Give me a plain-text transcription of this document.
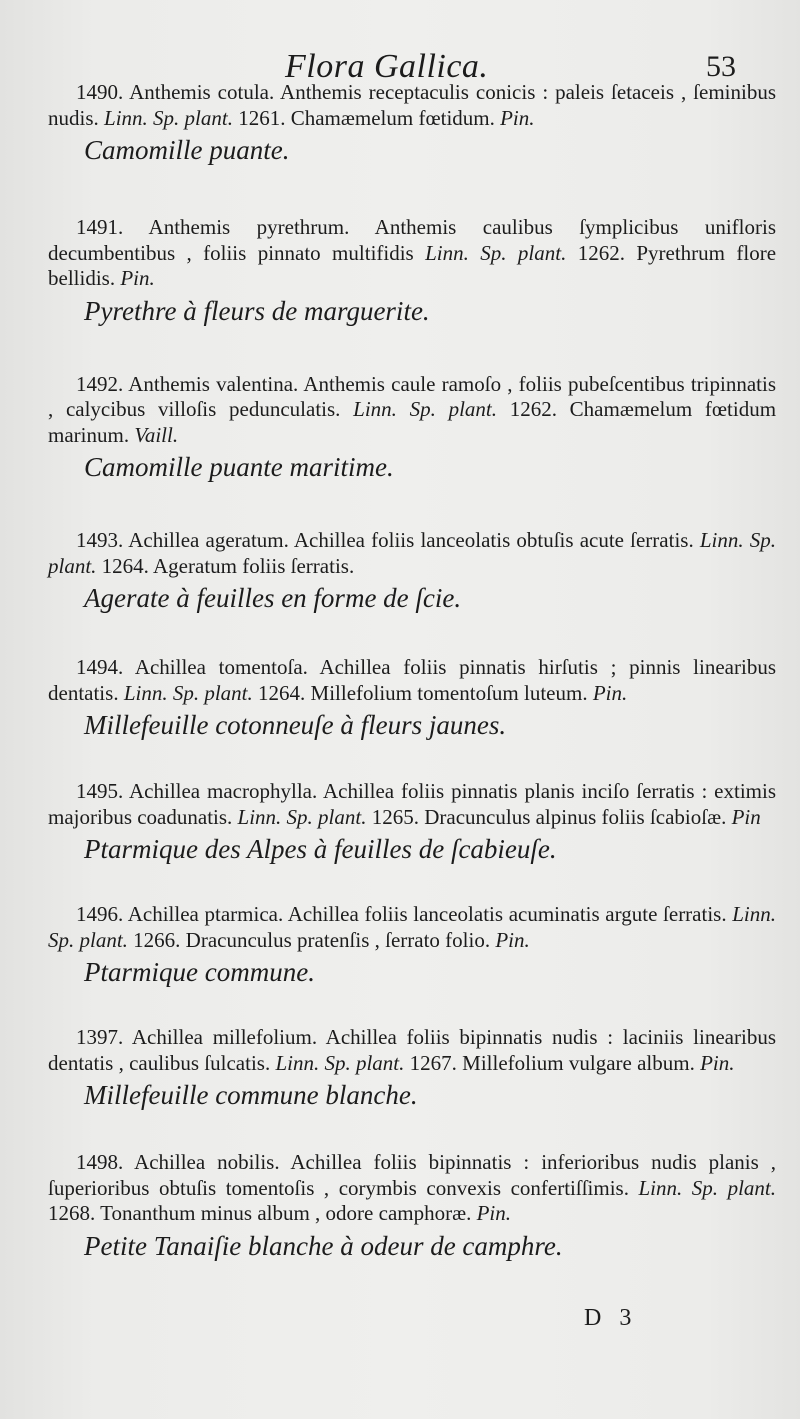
Flora Gallica.	53

1490. Anthemis cotula. Anthemis receptaculis conicis : paleis ſetaceis , ſeminibus nudis. Linn. Sp. plant. 1261. Chamæmelum fœtidum. Pin.

Camomille puante.

1491. Anthemis pyrethrum. Anthemis caulibus ſymplicibus unifloris decumbentibus , foliis pinnato multifidis Linn. Sp. plant. 1262. Pyrethrum flore bellidis. Pin.

Pyrethre à fleurs de marguerite.

1492. Anthemis valentina. Anthemis caule ramoſo , foliis pubeſcentibus tripinnatis , calycibus villoſis pedunculatis. Linn. Sp. plant. 1262. Chamæmelum fœtidum marinum. Vaill.

Camomille puante maritime.

1493. Achillea ageratum. Achillea foliis lanceolatis obtuſis acute ſerratis. Linn. Sp. plant. 1264. Ageratum foliis ſerratis.

Agerate à feuilles en forme de ſcie.

1494. Achillea tomentoſa. Achillea foliis pinnatis hirſutis ; pinnis linearibus dentatis. Linn. Sp. plant. 1264. Millefolium tomentoſum luteum. Pin.

Millefeuille cotonneuſe à fleurs jaunes.

1495. Achillea macrophylla. Achillea foliis pinnatis planis inciſo ſerratis : extimis majoribus coadunatis. Linn. Sp. plant. 1265. Dracunculus alpinus foliis ſcabioſæ. Pin

Ptarmique des Alpes à feuilles de ſcabieuſe.

1496. Achillea ptarmica. Achillea foliis lanceolatis acuminatis argute ſerratis. Linn. Sp. plant. 1266. Dracunculus pratenſis , ſerrato folio. Pin.

Ptarmique commune.

1397. Achillea millefolium. Achillea foliis bipinnatis nudis : laciniis linearibus dentatis , caulibus ſulcatis. Linn. Sp. plant. 1267. Millefolium vulgare album. Pin.

Millefeuille commune blanche.

1498. Achillea nobilis. Achillea foliis bipinnatis : inferioribus nudis planis , ſuperioribus obtuſis tomentoſis , corymbis convexis confertiſſimis. Linn. Sp. plant. 1268. Tonanthum minus album , odore camphoræ. Pin.

Petite Tanaiſie blanche à odeur de camphre.
D 3
